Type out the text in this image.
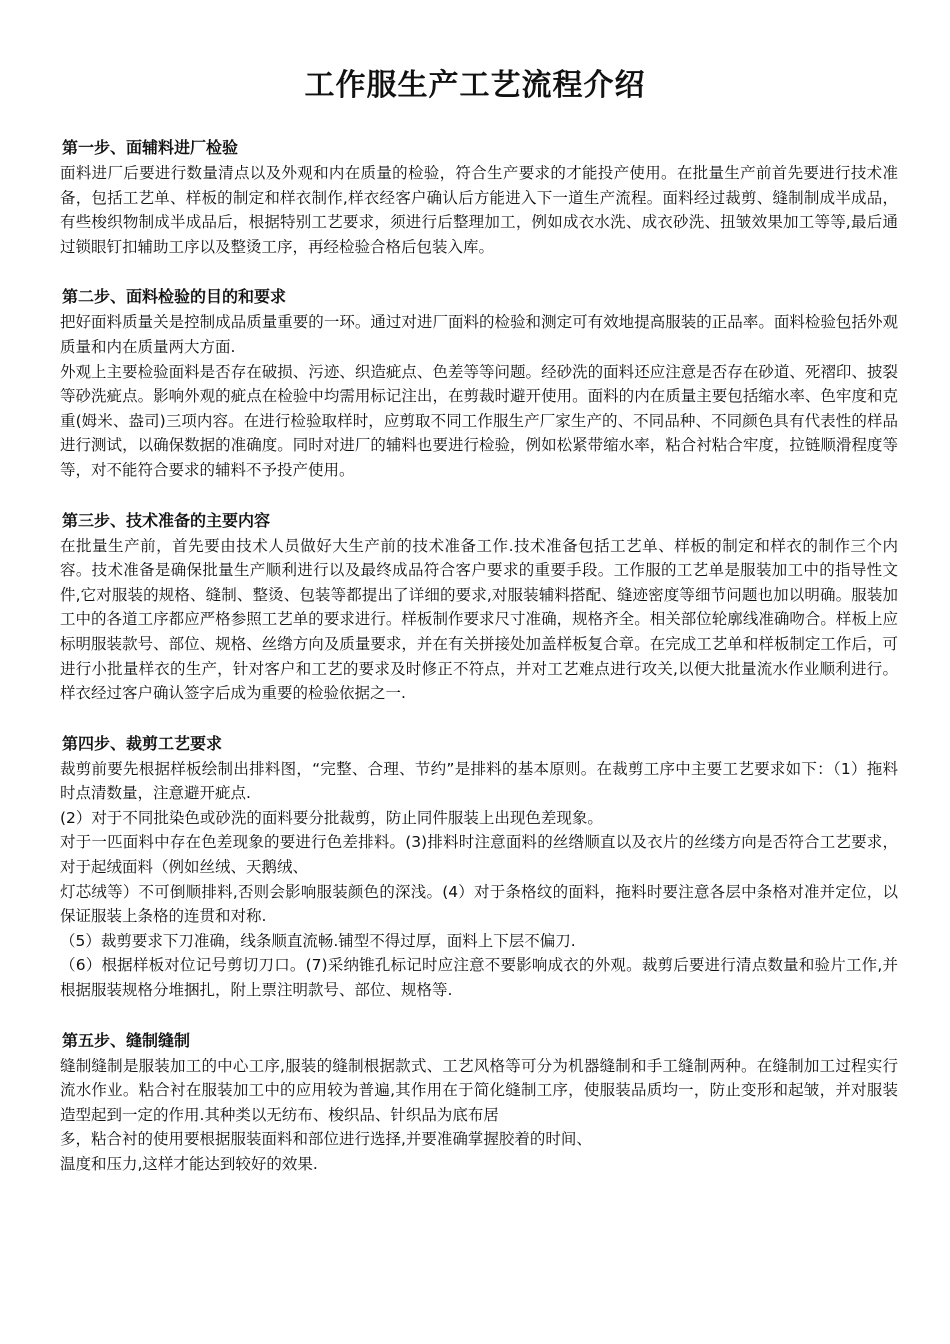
工作服生产工艺流程介绍
第一步、面辅料进厂检验

面料进厂后要进行数量清点以及外观和内在质量的检验，符合生产要求的才能投产使用。在批量生产前首先要进行技术准备，包括工艺单、样板的制定和样衣制作,样衣经客户确认后方能进入下一道生产流程。面料经过裁剪、缝制制成半成品，有些梭织物制成半成品后，根据特别工艺要求，须进行后整理加工，例如成衣水洗、成衣砂洗、扭皱效果加工等等,最后通过锁眼钉扣辅助工序以及整烫工序，再经检验合格后包装入库。

第二步、面料检验的目的和要求

把好面料质量关是控制成品质量重要的一环。通过对进厂面料的检验和测定可有效地提高服装的正品率。面料检验包括外观质量和内在质量两大方面.

外观上主要检验面料是否存在破损、污迹、织造疵点、色差等等问题。经砂洗的面料还应注意是否存在砂道、死褶印、披裂等砂洗疵点。影响外观的疵点在检验中均需用标记注出，在剪裁时避开使用。面料的内在质量主要包括缩水率、色牢度和克重(姆米、盎司)三项内容。在进行检验取样时，应剪取不同工作服生产厂家生产的、不同品种、不同颜色具有代表性的样品进行测试，以确保数据的准确度。同时对进厂的辅料也要进行检验，例如松紧带缩水率，粘合衬粘合牢度，拉链顺滑程度等等，对不能符合要求的辅料不予投产使用。

第三步、技术准备的主要内容

在批量生产前，首先要由技术人员做好大生产前的技术准备工作.技术准备包括工艺单、样板的制定和样衣的制作三个内容。技术准备是确保批量生产顺利进行以及最终成品符合客户要求的重要手段。工作服的工艺单是服装加工中的指导性文件,它对服装的规格、缝制、整烫、包装等都提出了详细的要求,对服装辅料搭配、缝迹密度等细节问题也加以明确。服装加工中的各道工序都应严格参照工艺单的要求进行。样板制作要求尺寸准确，规格齐全。相关部位轮廓线准确吻合。样板上应标明服装款号、部位、规格、丝绺方向及质量要求，并在有关拼接处加盖样板复合章。在完成工艺单和样板制定工作后，可进行小批量样衣的生产，针对客户和工艺的要求及时修正不符点，并对工艺难点进行攻关,以便大批量流水作业顺利进行。样衣经过客户确认签字后成为重要的检验依据之一.

第四步、裁剪工艺要求

裁剪前要先根据样板绘制出排料图，“完整、合理、节约”是排料的基本原则。在裁剪工序中主要工艺要求如下：（1）拖料时点清数量，注意避开疵点.

(2）对于不同批染色或砂洗的面料要分批裁剪，防止同件服装上出现色差现象。

对于一匹面料中存在色差现象的要进行色差排料。(3)排料时注意面料的丝绺顺直以及衣片的丝缕方向是否符合工艺要求，对于起绒面料（例如丝绒、天鹅绒、

灯芯绒等）不可倒顺排料,否则会影响服装颜色的深浅。(4）对于条格纹的面料，拖料时要注意各层中条格对准并定位，以保证服装上条格的连贯和对称.

（5）裁剪要求下刀准确，线条顺直流畅.铺型不得过厚，面料上下层不偏刀.

（6）根据样板对位记号剪切刀口。(7)采纳锥孔标记时应注意不要影响成衣的外观。裁剪后要进行清点数量和验片工作,并根据服装规格分堆捆扎，附上票注明款号、部位、规格等.

第五步、缝制缝制

缝制缝制是服装加工的中心工序,服装的缝制根据款式、工艺风格等可分为机器缝制和手工缝制两种。在缝制加工过程实行流水作业。粘合衬在服装加工中的应用较为普遍,其作用在于简化缝制工序，使服装品质均一，防止变形和起皱，并对服装造型起到一定的作用.其种类以无纺布、梭织品、针织品为底布居

多，粘合衬的使用要根据服装面料和部位进行选择,并要准确掌握胶着的时间、

温度和压力,这样才能达到较好的效果.
